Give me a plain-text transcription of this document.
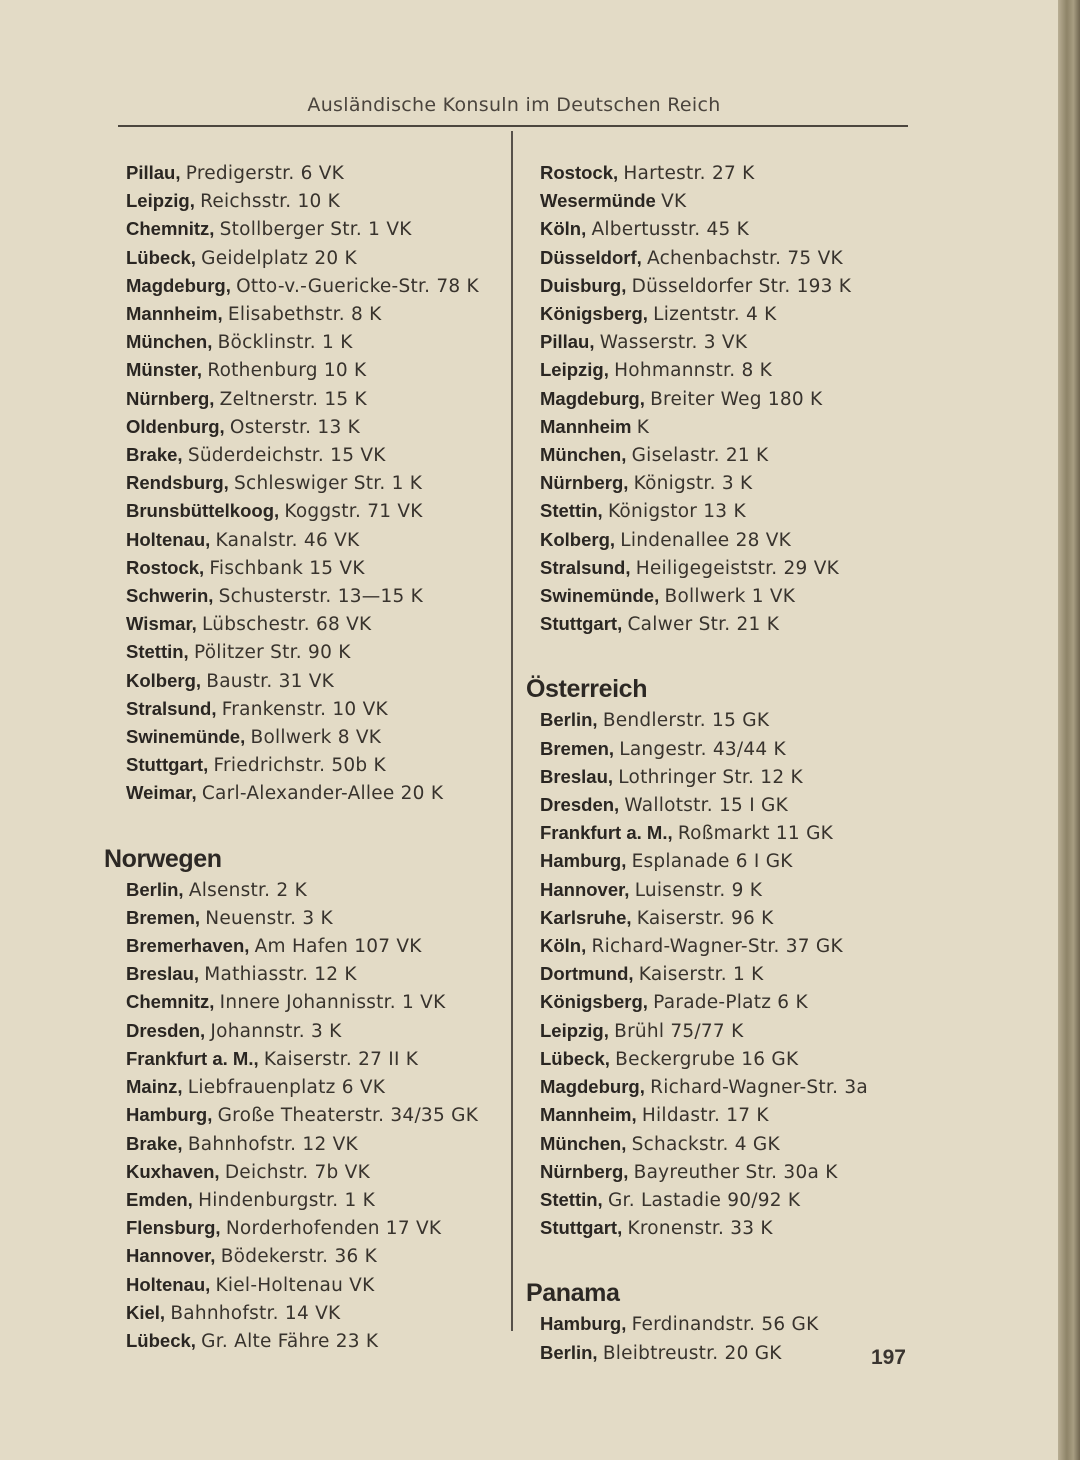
Ausländische Konsuln im Deutschen Reich
Pillau, Predigerstr. 6 VK
Leipzig, Reichsstr. 10 K
Chemnitz, Stollberger Str. 1 VK
Lübeck, Geidelplatz 20 K
Magdeburg, Otto-v.-Guericke-Str. 78 K
Mannheim, Elisabethstr. 8 K
München, Böcklinstr. 1 K
Münster, Rothenburg 10 K
Nürnberg, Zeltnerstr. 15 K
Oldenburg, Osterstr. 13 K
Brake, Süderdeichstr. 15 VK
Rendsburg, Schleswiger Str. 1 K
Brunsbüttelkoog, Koggstr. 71 VK
Holtenau, Kanalstr. 46 VK
Rostock, Fischbank 15 VK
Schwerin, Schusterstr. 13—15 K
Wismar, Lübschestr. 68 VK
Stettin, Pölitzer Str. 90 K
Kolberg, Baustr. 31 VK
Stralsund, Frankenstr. 10 VK
Swinemünde, Bollwerk 8 VK
Stuttgart, Friedrichstr. 50b K
Weimar, Carl-Alexander-Allee 20 K
Norwegen
Berlin, Alsenstr. 2 K
Bremen, Neuenstr. 3 K
Bremerhaven, Am Hafen 107 VK
Breslau, Mathiasstr. 12 K
Chemnitz, Innere Johannisstr. 1 VK
Dresden, Johannstr. 3 K
Frankfurt a. M., Kaiserstr. 27 II K
Mainz, Liebfrauenplatz 6 VK
Hamburg, Große Theaterstr. 34/35 GK
Brake, Bahnhofstr. 12 VK
Kuxhaven, Deichstr. 7b VK
Emden, Hindenburgstr. 1 K
Flensburg, Norderhofenden 17 VK
Hannover, Bödekerstr. 36 K
Holtenau, Kiel-Holtenau VK
Kiel, Bahnhofstr. 14 VK
Lübeck, Gr. Alte Fähre 23 K
Rostock, Hartestr. 27 K
Wesermünde VK
Köln, Albertusstr. 45 K
Düsseldorf, Achenbachstr. 75 VK
Duisburg, Düsseldorfer Str. 193 K
Königsberg, Lizentstr. 4 K
Pillau, Wasserstr. 3 VK
Leipzig, Hohmannstr. 8 K
Magdeburg, Breiter Weg 180 K
Mannheim K
München, Giselastr. 21 K
Nürnberg, Königstr. 3 K
Stettin, Königstor 13 K
Kolberg, Lindenallee 28 VK
Stralsund, Heiligegeiststr. 29 VK
Swinemünde, Bollwerk 1 VK
Stuttgart, Calwer Str. 21 K
Österreich
Berlin, Bendlerstr. 15 GK
Bremen, Langestr. 43/44 K
Breslau, Lothringer Str. 12 K
Dresden, Wallotstr. 15 I GK
Frankfurt a. M., Roßmarkt 11 GK
Hamburg, Esplanade 6 I GK
Hannover, Luisenstr. 9 K
Karlsruhe, Kaiserstr. 96 K
Köln, Richard-Wagner-Str. 37 GK
Dortmund, Kaiserstr. 1 K
Königsberg, Parade-Platz 6 K
Leipzig, Brühl 75/77 K
Lübeck, Beckergrube 16 GK
Magdeburg, Richard-Wagner-Str. 3a
Mannheim, Hildastr. 17 K
München, Schackstr. 4 GK
Nürnberg, Bayreuther Str. 30a K
Stettin, Gr. Lastadie 90/92 K
Stuttgart, Kronenstr. 33 K
Panama
Hamburg, Ferdinandstr. 56 GK
Berlin, Bleibtreustr. 20 GK	197
